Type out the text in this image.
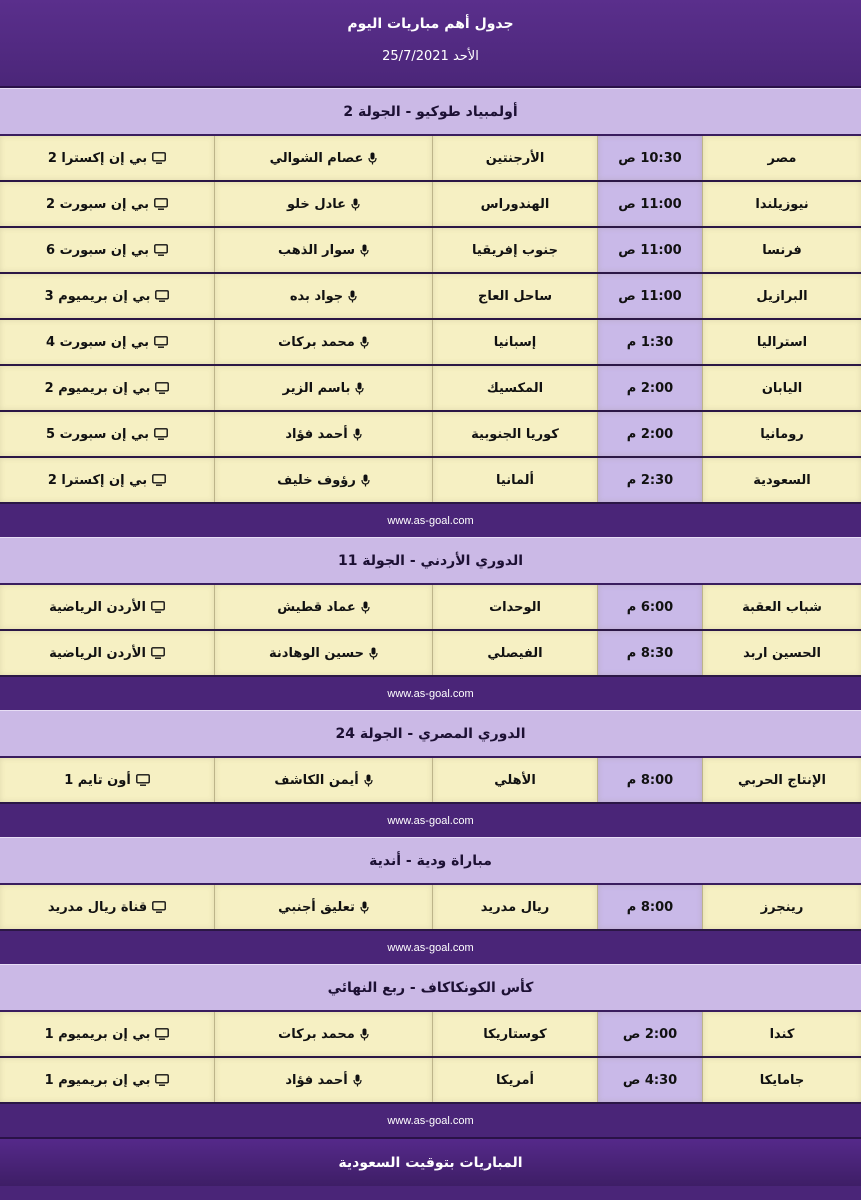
جدول أهم مباريات اليوم
الأحد 25/7/2021
أولمبياد طوكيو - الجولة 2
مصر
10:30 ص
الأرجنتين
عصام الشوالي
بي إن إكسترا 2
نيوزيلندا
11:00 ص
الهندوراس
عادل خلو
بي إن سبورت 2
فرنسا
11:00 ص
جنوب إفريقيا
سوار الذهب
بي إن سبورت 6
البرازيل
11:00 ص
ساحل العاج
جواد بده
بي إن بريميوم 3
استراليا
1:30 م
إسبانيا
محمد بركات
بي إن سبورت 4
اليابان
2:00 م
المكسيك
باسم الزير
بي إن بريميوم 2
رومانيا
2:00 م
كوريا الجنوبية
أحمد فؤاد
بي إن سبورت 5
السعودية
2:30 م
ألمانيا
رؤوف خليف
بي إن إكسترا 2
www.as-goal.com
الدوري الأردني - الجولة 11
شباب العقبة
6:00 م
الوحدات
عماد قطيش
الأردن الرياضية
الحسين اربد
8:30 م
الفيصلي
حسين الوهادنة
الأردن الرياضية
www.as-goal.com
الدوري المصري - الجولة 24
الإنتاج الحربي
8:00 م
الأهلي
أيمن الكاشف
أون تايم 1
www.as-goal.com
مباراة ودية - أندية
رينجرز
8:00 م
ريال مدريد
تعليق أجنبي
قناة ريال مدريد
www.as-goal.com
كأس الكونكاكاف - ربع النهائي
كندا
2:00 ص
كوستاريكا
محمد بركات
بي إن بريميوم 1
جامايكا
4:30 ص
أمريكا
أحمد فؤاد
بي إن بريميوم 1
www.as-goal.com
المباريات بتوقيت السعودية
